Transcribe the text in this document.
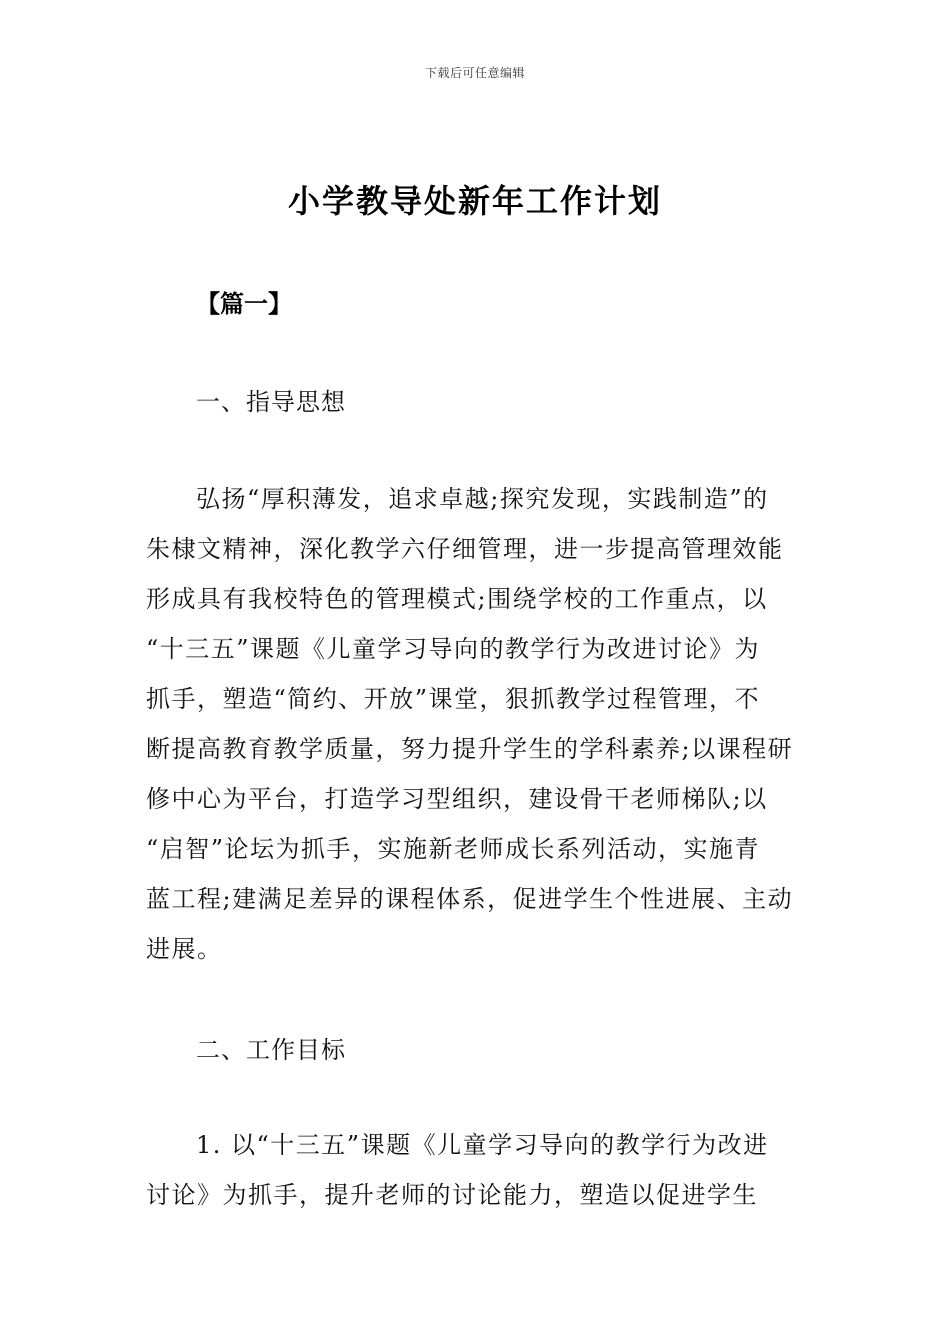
下载后可任意编辑
小学教导处新年工作计划
【篇一】
一、指导思想
弘扬“厚积薄发，追求卓越;探究发现，实践制造”的
朱棣文精神，深化教学六仔细管理，进一步提高管理效能
形成具有我校特色的管理模式;围绕学校的工作重点，以
“十三五”课题《儿童学习导向的教学行为改进讨论》为
抓手，塑造“简约、开放”课堂，狠抓教学过程管理，不
断提高教育教学质量，努力提升学生的学科素养;以课程研
修中心为平台，打造学习型组织，建设骨干老师梯队;以
“启智”论坛为抓手，实施新老师成长系列活动，实施青
蓝工程;建满足差异的课程体系，促进学生个性进展、主动
进展。
二、工作目标
1. 以“十三五”课题《儿童学习导向的教学行为改进
讨论》为抓手，提升老师的讨论能力，塑造以促进学生
